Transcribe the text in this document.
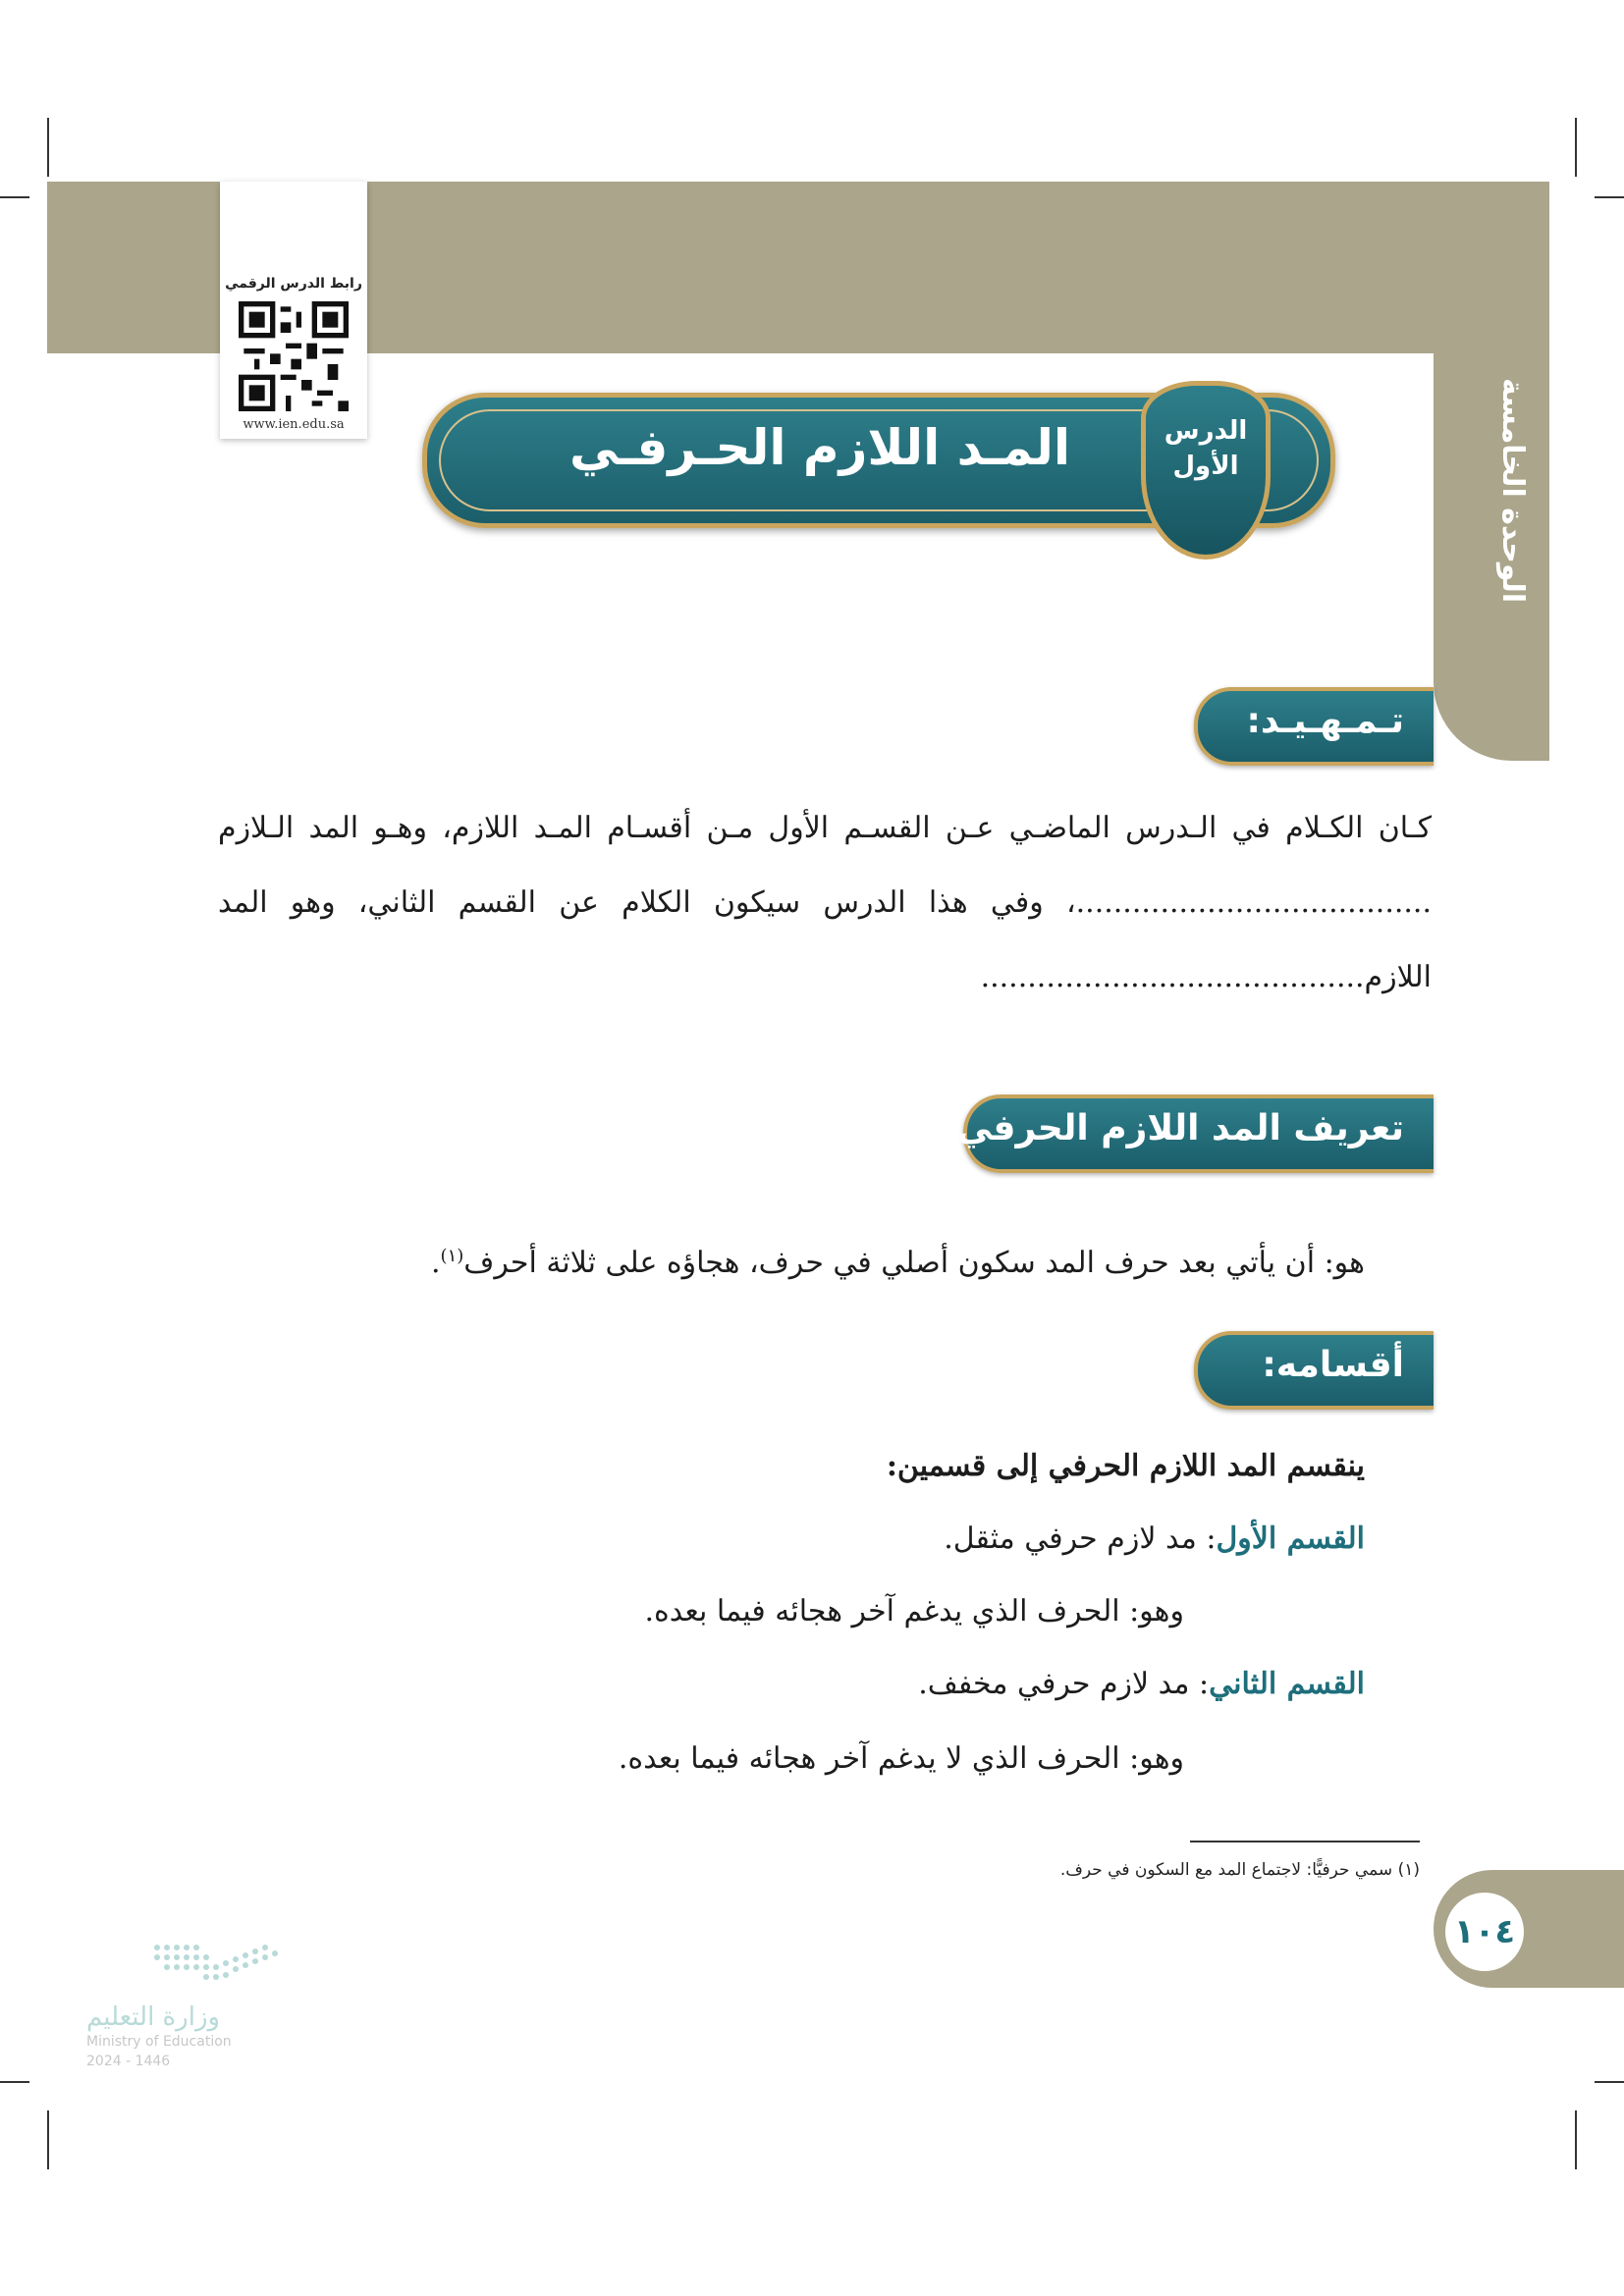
الوحدة الخامسة
رابط الدرس الرقمي
www.ien.edu.sa	المـد اللازم الحـرفـي	الدرس
الأول
تـمـهـيـد:
كـان الكـلام في الـدرس الماضـي عـن القسـم الأول مـن أقسـام المـد اللازم، وهـو المد الـلازم ......................................، وفي هذا الدرس سيكون الكلام عن القسم الثاني، وهو المد اللازم.........................................
تعريف المد اللازم الحرفي:
هو: أن يأتي بعد حرف المد سكون أصلي في حرف، هجاؤه على ثلاثة أحرف$^{(١)}$.
أقسامه:
ينقسم المد اللازم الحرفي إلى قسمين:
القسم الأول: مد لازم حرفي مثقل.
وهو: الحرف الذي يدغم آخر هجائه فيما بعده.
القسم الثاني: مد لازم حرفي مخفف.
وهو: الحرف الذي لا يدغم آخر هجائه فيما بعده.
(١) سمي حرفيًّا: لاجتماع المد مع السكون في حرف.
١٠٤
وزارة التعليم
Ministry of Education
2024 - 1446
